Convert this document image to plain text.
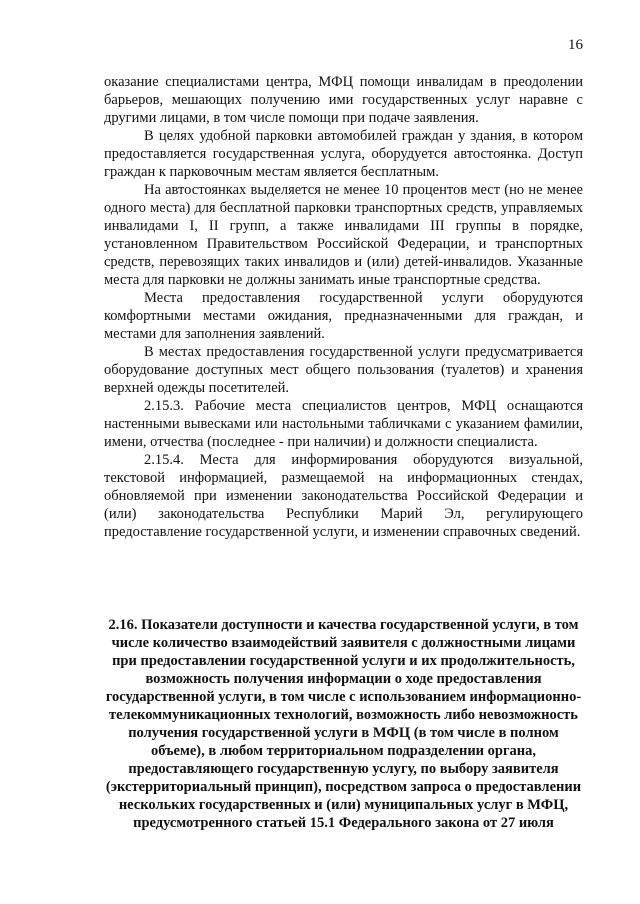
16

оказание специалистами центра, МФЦ помощи инвалидам в преодолении барьеров, мешающих получению ими государственных услуг наравне с другими лицами, в том числе помощи при подаче заявления.

В целях удобной парковки автомобилей граждан у здания, в котором предоставляется государственная услуга, оборудуется автостоянка. Доступ граждан к парковочным местам является бесплатным.

На автостоянках выделяется не менее 10 процентов мест (но не менее одного места) для бесплатной парковки транспортных средств, управляемых инвалидами I, II групп, а также инвалидами III группы в порядке, установленном Правительством Российской Федерации, и транспортных средств, перевозящих таких инвалидов и (или) детей-инвалидов. Указанные места для парковки не должны занимать иные транспортные средства.

Места предоставления государственной услуги оборудуются комфортными местами ожидания, предназначенными для граждан, и местами для заполнения заявлений.

В местах предоставления государственной услуги предусматривается оборудование доступных мест общего пользования (туалетов) и хранения верхней одежды посетителей.

2.15.3. Рабочие места специалистов центров, МФЦ оснащаются настенными вывесками или настольными табличками с указанием фамилии, имени, отчества (последнее - при наличии) и должности специалиста.

2.15.4. Места для информирования оборудуются визуальной, текстовой информацией, размещаемой на информационных стендах, обновляемой при изменении законодательства Российской Федерации и (или) законодательства Республики Марий Эл, регулирующего предоставление государственной услуги, и изменении справочных сведений.

2.16. Показатели доступности и качества государственной услуги, в том числе количество взаимодействий заявителя с должностными лицами при предоставлении государственной услуги и их продолжительность, возможность получения информации о ходе предоставления государственной услуги, в том числе с использованием информационно-телекоммуникационных технологий, возможность либо невозможность получения государственной услуги в МФЦ (в том числе в полном объеме), в любом территориальном подразделении органа, предоставляющего государственную услугу, по выбору заявителя (экстерриториальный принцип), посредством запроса о предоставлении нескольких государственных и (или) муниципальных услуг в МФЦ, предусмотренного статьей 15.1 Федерального закона от 27 июля
